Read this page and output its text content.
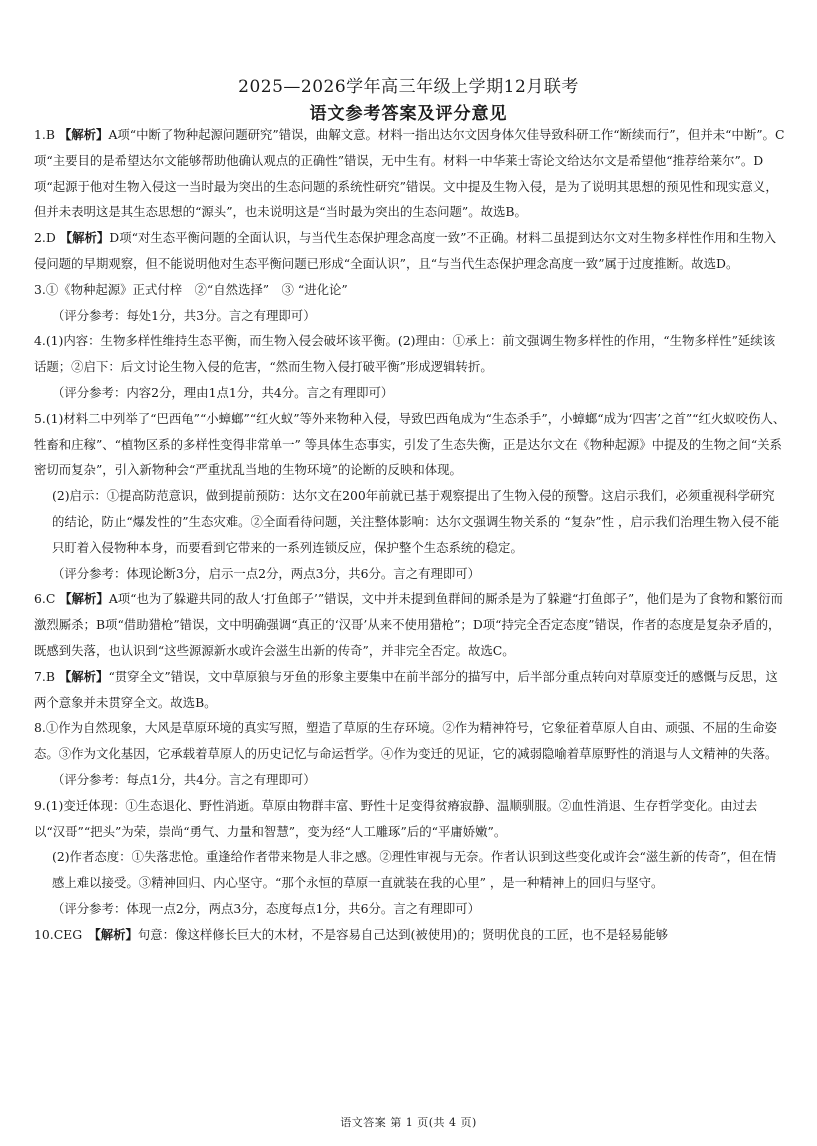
2025—2026学年高三年级上学期12月联考
语文参考答案及评分意见

1.B 【解析】A项“中断了物种起源问题研究”错误，曲解文意。材料一指出达尔文因身体欠佳导致科研工作“断续而行”，但并未“中断”。C项“主要目的是希望达尔文能够帮助他确认观点的正确性”错误，无中生有。材料一中华莱士寄论文给达尔文是希望他“推荐给莱尔”。D项“起源于他对生物入侵这一当时最为突出的生态问题的系统性研究”错误。文中提及生物入侵，是为了说明其思想的预见性和现实意义，但并未表明这是其生态思想的“源头”，也未说明这是“当时最为突出的生态问题”。故选B。

2.D 【解析】D项“对生态平衡问题的全面认识，与当代生态保护理念高度一致”不正确。材料二虽提到达尔文对生物多样性作用和生物入侵问题的早期观察，但不能说明他对生态平衡问题已形成“全面认识”，且“与当代生态保护理念高度一致”属于过度推断。故选D。

3.①《物种起源》正式付梓　②“自然选择”　③ “进化论”

（评分参考：每处1分，共3分。言之有理即可）

4.(1)内容：生物多样性维持生态平衡，而生物入侵会破坏该平衡。(2)理由：①承上：前文强调生物多样性的作用，“生物多样性”延续该话题；②启下：后文讨论生物入侵的危害，“然而生物入侵打破平衡”形成逻辑转折。

（评分参考：内容2分，理由1点1分，共4分。言之有理即可）

5.(1)材料二中列举了“巴西龟”“小蟑螂”“红火蚁”等外来物种入侵，导致巴西龟成为“生态杀手”，小蟑螂“成为‘四害’之首”“红火蚁咬伤人、牲畜和庄稼”、“植物区系的多样性变得非常单一” 等具体生态事实，引发了生态失衡，正是达尔文在《物种起源》中提及的生物之间“关系密切而复杂”，引入新物种会“严重扰乱当地的生物环境”的论断的反映和体现。

(2)启示：①提高防范意识，做到提前预防：达尔文在200年前就已基于观察提出了生物入侵的预警。这启示我们，必须重视科学研究的结论，防止“爆发性的”生态灾难。②全面看待问题，关注整体影响：达尔文强调生物关系的 “复杂”性 ，启示我们治理生物入侵不能只盯着入侵物种本身，而要看到它带来的一系列连锁反应，保护整个生态系统的稳定。

（评分参考：体现论断3分，启示一点2分，两点3分，共6分。言之有理即可）

6.C 【解析】A项“也为了躲避共同的敌人‘打鱼郎子’”错误，文中并未提到鱼群间的厮杀是为了躲避“打鱼郎子”，他们是为了食物和繁衍而激烈厮杀；B项“借助猎枪”错误，文中明确强调“真正的‘汉哥’从来不使用猎枪”；D项“持完全否定态度”错误，作者的态度是复杂矛盾的，既感到失落，也认识到“这些源源新水或许会滋生出新的传奇”，并非完全否定。故选C。

7.B 【解析】“贯穿全文”错误，文中草原狼与牙鱼的形象主要集中在前半部分的描写中，后半部分重点转向对草原变迁的感慨与反思，这两个意象并未贯穿全文。故选B。

8.①作为自然现象，大风是草原环境的真实写照，塑造了草原的生存环境。②作为精神符号，它象征着草原人自由、顽强、不屈的生命姿态。③作为文化基因，它承载着草原人的历史记忆与命运哲学。④作为变迁的见证，它的减弱隐喻着草原野性的消退与人文精神的失落。

（评分参考：每点1分，共4分。言之有理即可）

9.(1)变迁体现：①生态退化、野性消逝。草原由物群丰富、野性十足变得贫瘠寂静、温顺驯服。②血性消退、生存哲学变化。由过去以“汉哥”“把头”为荣，崇尚“勇气、力量和智慧”，变为经“人工雕琢”后的“平庸娇嫩”。

(2)作者态度：①失落悲怆。重逢给作者带来物是人非之感。②理性审视与无奈。作者认识到这些变化或许会“滋生新的传奇”，但在情感上难以接受。③精神回归、内心坚守。“那个永恒的草原一直就装在我的心里” ，是一种精神上的回归与坚守。

（评分参考：体现一点2分，两点3分，态度每点1分，共6分。言之有理即可）

10.CEG　 【解析】句意：像这样修长巨大的木材，不是容易自己达到(被使用)的；贤明优良的工匠，也不是轻易能够

语文答案 第 1 页(共 4 页)
